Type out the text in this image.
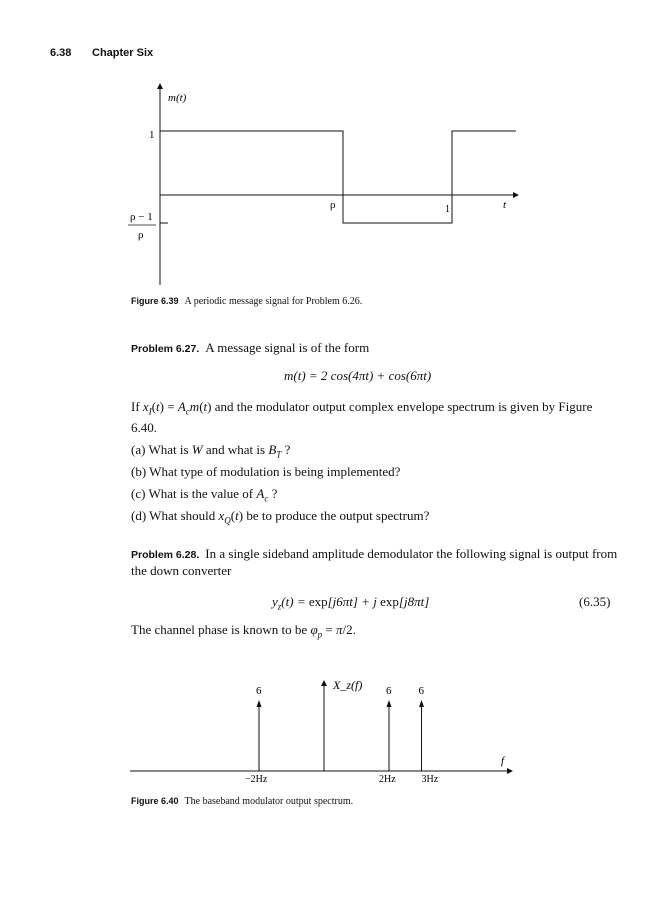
6.38 Chapter Six
m(t)
t
1
ρ − 1
ρ
ρ	1
Figure 6.39 A periodic message signal for Problem 6.26.
Problem 6.27. A message signal is of the form
m(t) = 2 cos(4πt) + cos(6πt)
If $x_I(t) = A_cm(t)$ and the modulator output complex envelope spectrum is given by Figure 6.40.
(a) What is W and what is $B_T$ ?
(b) What type of modulation is being implemented?
(c) What is the value of $A_c$ ?
(d) What should $x_Q(t)$ be to produce the output spectrum?
Problem 6.28. In a single sideband amplitude demodulator the following signal is output from the down converter
$y_z(t) = \exp[j6\pi t] + j$ exp[j8πt]	(6.35)
The channel phase is known to be $\varphi_p = \pi/2$.
X_z(f)
f
6
−2Hz
6
2Hz
6
3Hz
Figure 6.40 The baseband modulator output spectrum.
